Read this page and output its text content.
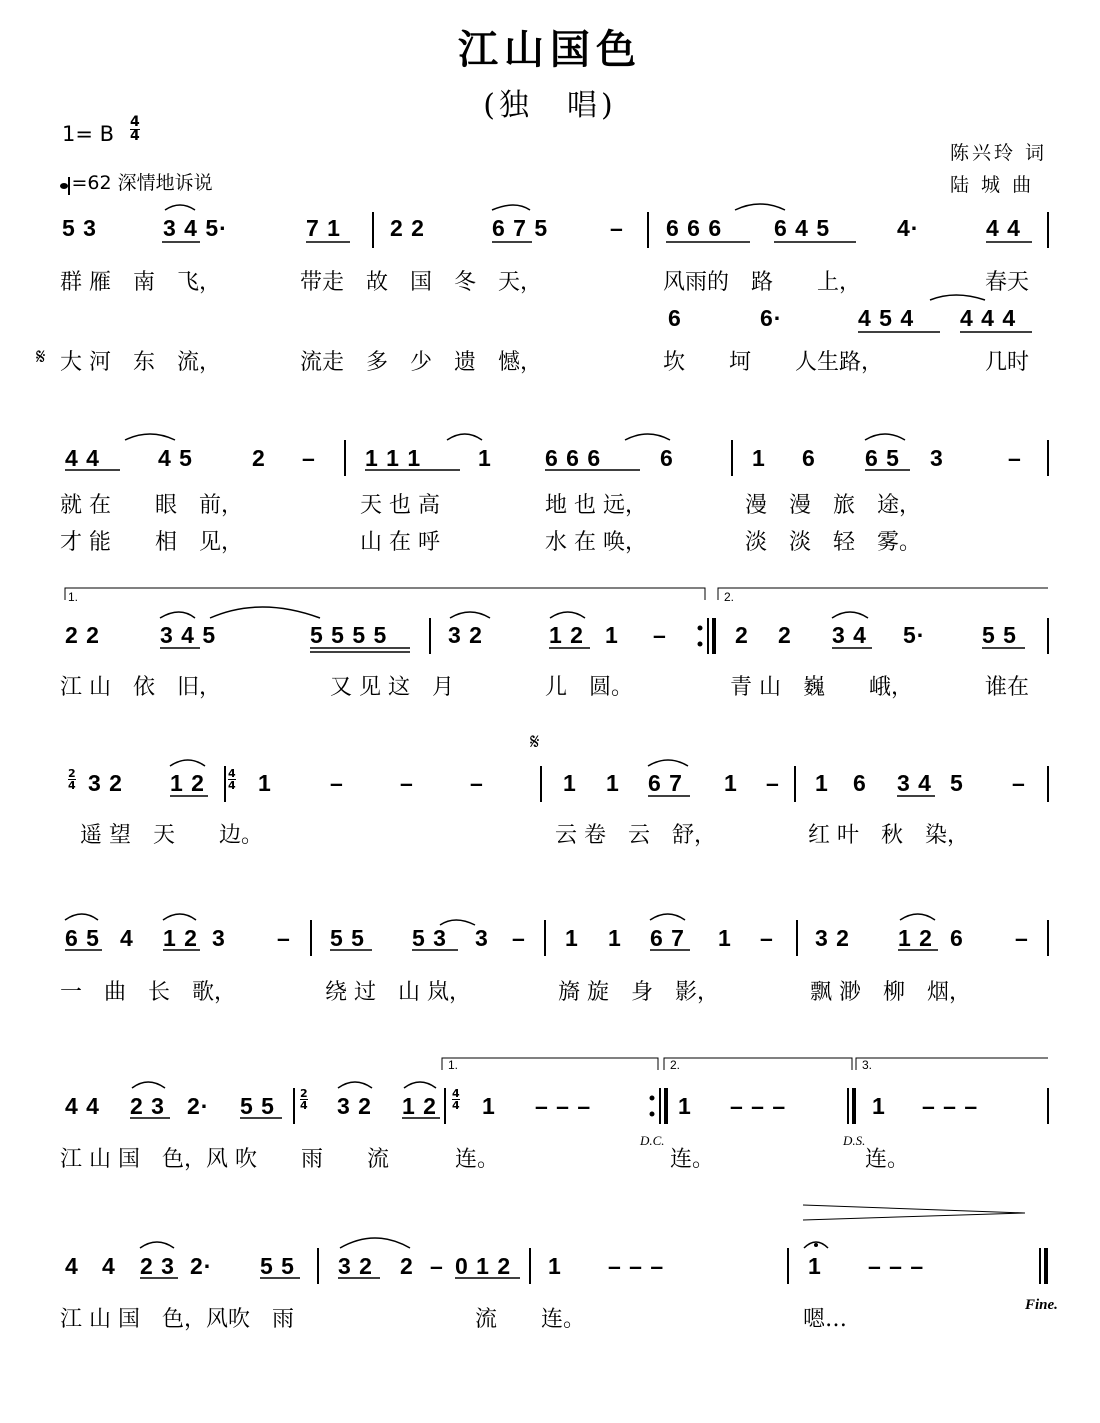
江山国色
(独　唱)
1= B 4
4
=62 深情地诉说
陈兴玲 词
陆 城 曲
5 3	3 4 5·	7 1 2 2	6 7 5	– 6 6 6 6 4 5	4·	4 4
群 雁　南　飞，	带走　故　国　冬　天，	风雨的　路　　上，	春天
6	6·	4 5 4 4 4 4
大 河　东　流，	流走　多　少　遗　憾，	坎　　坷　　人生路，	几时
4 4	4 5	2 – 1 1 1 1 6 6 6	6	1 6 6 5 3	–
就 在　　眼　前，	天 也 高	地 也 远，	漫　漫　旅　途，
才 能　　相　见，	山 在 呼	水 在 唤，	淡　淡　轻　雾。
2 2	3 4 5	5 5 5 5	3 2	1 2 1 –	2 2 3 4 5· 5 5
江 山　依　旧，	又 见 这　月	儿　圆。	青 山　巍　　峨，	谁在
3 2 1 2 1	– – –	1 1 6 7 1 – 1 6 3 4 5 –
遥 望　天　　边。	云 卷　云　舒，	红 叶　秋　染，
6 5 4 1 2 3 – 5 5 5 3 3 – 1 1 6 7 1 – 3 2 1 2 6 –
一　曲　长　歌，	绕 过　山 岚，	旖 旋　身　影，	飘 渺　柳　烟，
4 4 2 3 2· 5 5	3 2 1 2 1 – – –	1 – – –	1 – – –
江 山 国　色，风 吹　　雨　　流　　　连。	连。	连。
4 4 2 3 2· 5 5 3 2 2 – 0 1 2 1 – – –	1 – – –
江 山 国　色，风吹　雨	流　　连。	嗯…
𝄋
𝄋
1.	2.
1.	2.	3.
D.C.	D.S.
Fine.
2
4
4
4
2
4
4
4
